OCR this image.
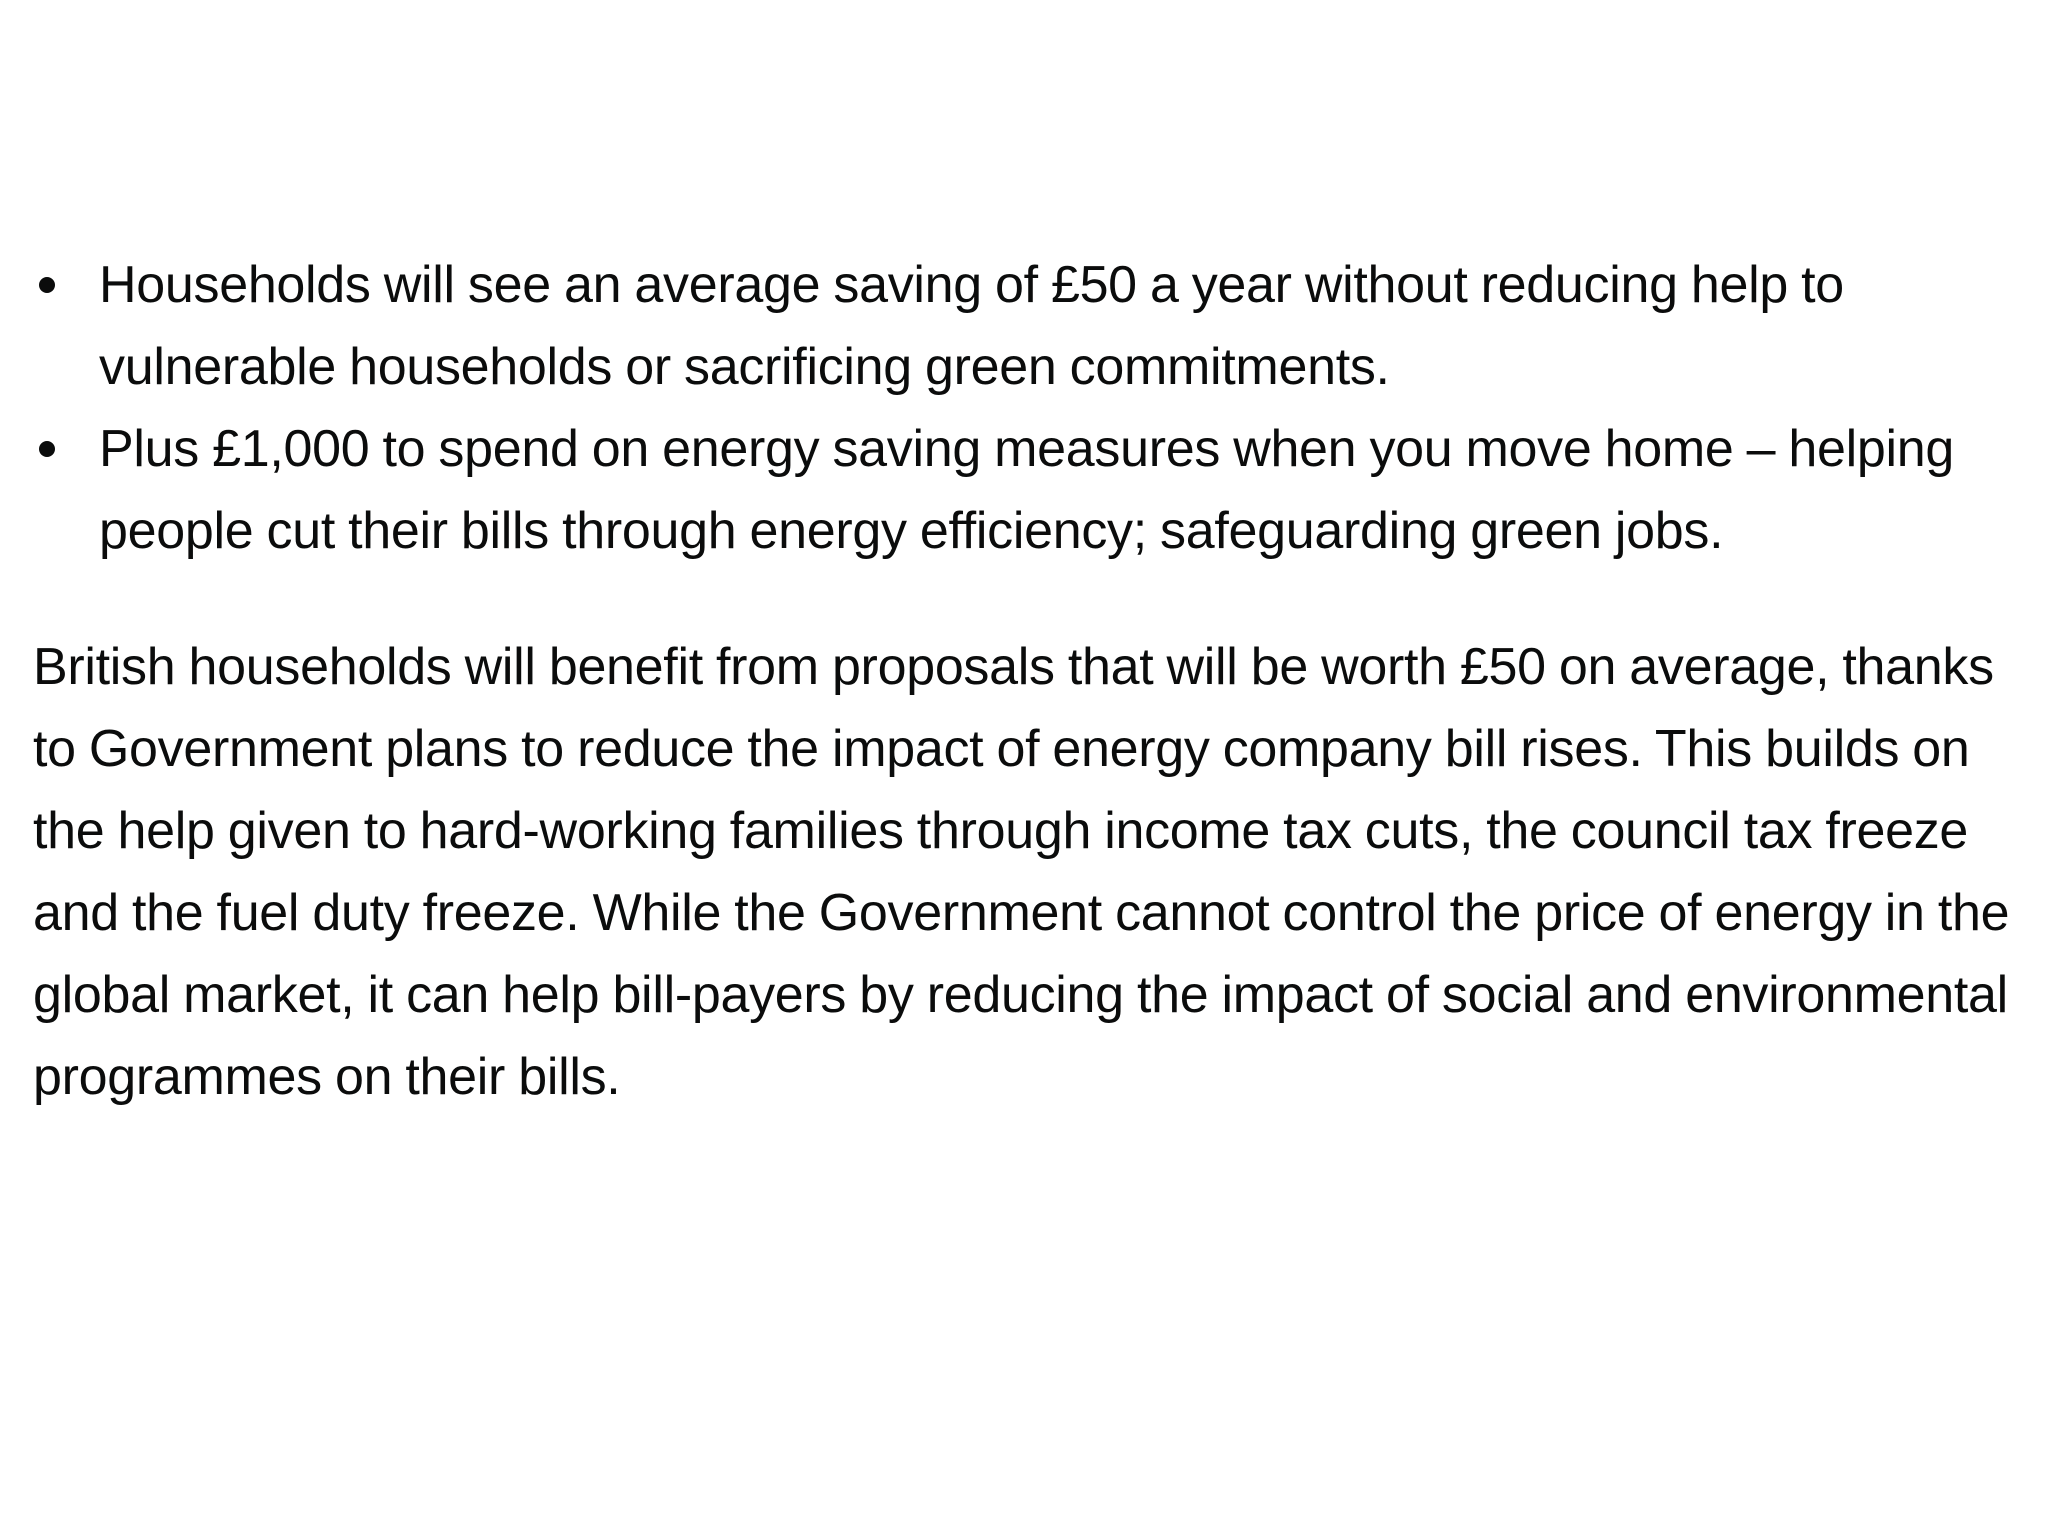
Households will see an average saving of £50 a year without reducing help to vulnerable households or sacrificing green commitments.
Plus £1,000 to spend on energy saving measures when you move home – helping people cut their bills through energy efficiency; safeguarding green jobs.

British households will benefit from proposals that will be worth £50 on average, thanks to Government plans to reduce the impact of energy company bill rises. This builds on the help given to hard-working families through income tax cuts, the council tax freeze and the fuel duty freeze. While the Government cannot control the price of energy in the global market, it can help bill-payers by reducing the impact of social and environmental programmes on their bills.
